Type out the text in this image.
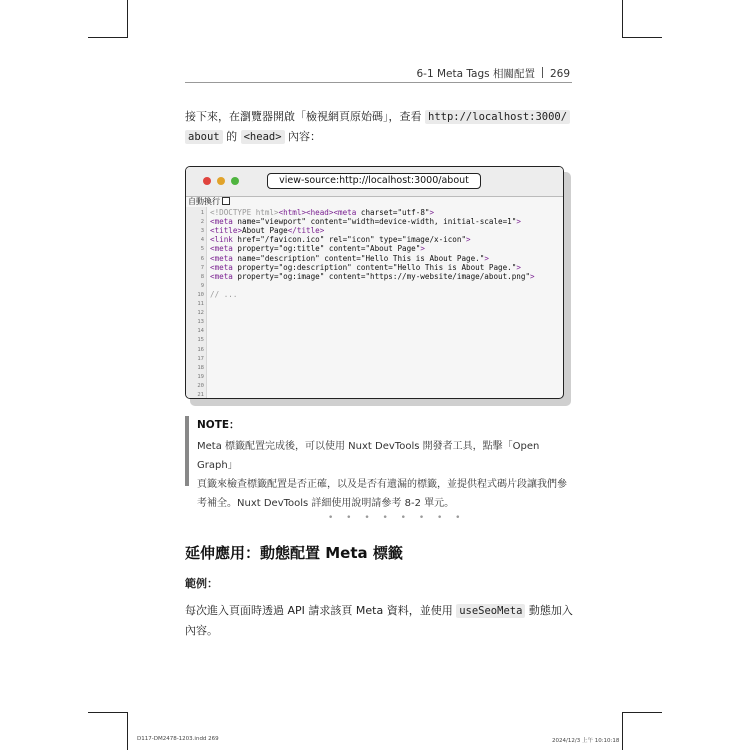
6-1 Meta Tags 相關配置 269
接下來，在瀏覽器開啟「檢視網頁原始碼」，查看 http://localhost:3000/
about 的 <head> 內容：
view-source:http://localhost:3000/about
自動換行
1
2
3
4
5
6
7
8
9
10
11
12
13
14
15
16
17
18
19
20
21
<!DOCTYPE html><html><head><meta charset="utf-8">
<meta name="viewport" content="width=device-width, initial-scale=1">
<title>About Page</title>
<link href="/favicon.ico" rel="icon" type="image/x-icon">
<meta property="og:title" content="About Page">
<meta name="description" content="Hello This is About Page.">
<meta property="og:description" content="Hello This is About Page.">
<meta property="og:image" content="https://my-website/image/about.png">
// ...
NOTE：
Meta 標籤配置完成後，可以使用 Nuxt DevTools 開發者工具，點擊「Open Graph」
頁籤來檢查標籤配置是否正確，以及是否有遺漏的標籤，並提供程式碼片段讓我們參
考補全。Nuxt DevTools 詳細使用說明請參考 8-2 單元。
• • • • • • • •
延伸應用：動態配置 Meta 標籤
範例：
每次進入頁面時透過 API 請求該頁 Meta 資料，並使用 useSeoMeta 動態加入
內容。
D117-DM2478-1203.indd 269	2024/12/3 上午 10:10:18
